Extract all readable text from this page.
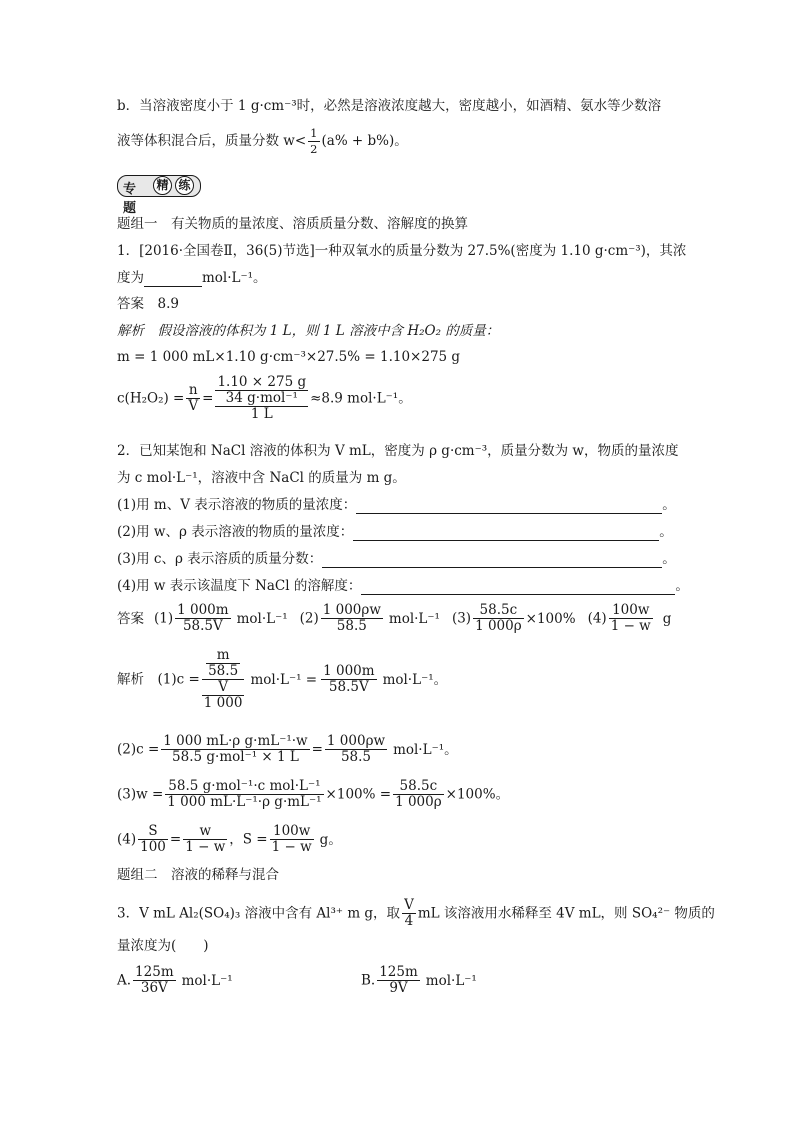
b．当溶液密度小于 1 g·cm⁻³时，必然是溶液浓度越大，密度越小，如酒精、氨水等少数溶
液等体积混合后，质量分数 $w< \frac{1}{2} (a\% + b\%)$。
专题
精 练
题组一　有关物质的量浓度、溶质质量分数、溶解度的换算
1．[2016·全国卷Ⅱ，36(5)节选]一种双氧水的质量分数为 27.5%(密度为 1.10 g·cm⁻³)，其浓
度为	mol·L⁻¹。
答案　8.9
解析　假设溶液的体积为 1 L，则 1 L 溶液中含 H₂O₂ 的质量：
m = 1 000 mL×1.10 g·cm⁻³×27.5% = 1.10×275 g
$c(H_2O_2) = \frac{n}{V} = \frac{\frac{1.10 \times 275 g}{\text{34 g·mol⁻¹}}}{1 L} \approx 8.9$ mol·L⁻¹。
2．已知某饱和 NaCl 溶液的体积为 V mL，密度为 ρ g·cm⁻³，质量分数为 w，物质的量浓度
为 c mol·L⁻¹，溶液中含 NaCl 的质量为 m g。
(1)用 m、V 表示溶液的物质的量浓度：	。
(2)用 w、ρ 表示溶液的物质的量浓度：	。
(3)用 c、ρ 表示溶质的质量分数：	。
(4)用 w 表示该温度下 NaCl 的溶解度：	。
答案 $(1) \frac{1 000m}{58.5V} mol\cdot L^{-1}$ $(2) \frac{1 000\rho w}{58.5} mol\cdot L^{-1}$ $(3) \frac{58.5c}{1 000\rho} \times 100\%$ $(4) \frac{100w}{1 - w}$ g
解析　$(1)c = \frac{\frac{m}{58.5}}{\frac{V}{1 000}} mol\cdot L^{-1} = \frac{1 000m}{58.5V} mol\cdot L^{-1}$。
$(2)c = \frac{\text{1 000 mL·ρ g·mL⁻¹·w}}{\text{58.5 g·mol⁻¹ × 1 L}} = \frac{1 000\rho w}{58.5} mol\cdot L^{-1}$。
$(3)w = \frac{\text{58.5 g·mol⁻¹·c mol·L⁻¹}}{\text{1 000 mL·L⁻¹·ρ g·mL⁻¹}} \times 100\% = \frac{58.5c}{1 000\rho} \times 100\%$。
$(4) \frac{S}{100} = \frac{w}{1 - w}$ ，$S = \frac{100w}{1 - w}$ g。
题组二　溶液的稀释与混合
3．V mL Al₂(SO₄)₃ 溶液中含有 Al³⁺ m g，取 $\frac{V}{4}$ mL 该溶液用水稀释至 4V mL，则 SO₄²⁻ 物质的
量浓度为(　　)
A. $\frac{125m}{36V} mol\cdot L^{-1}$	B. $\frac{125m}{9V} mol\cdot L^{-1}$
